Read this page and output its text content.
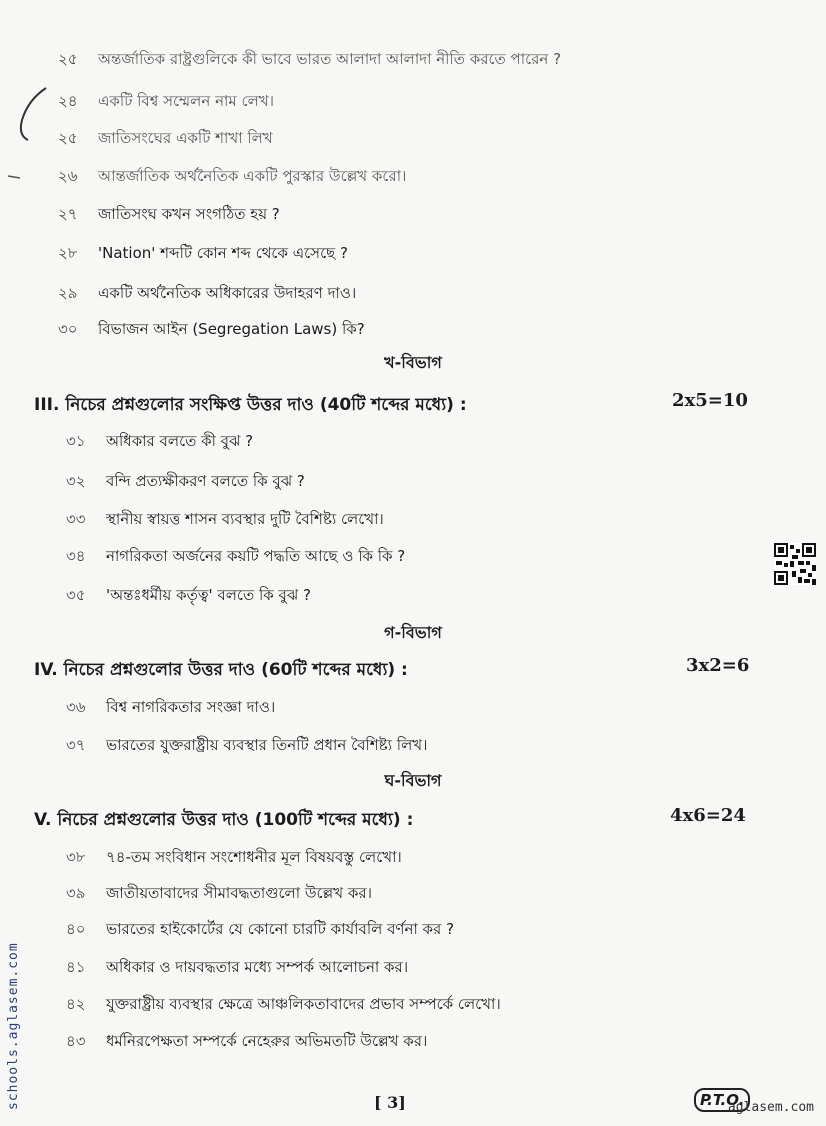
২৫ অন্তর্জাতিক রাষ্ট্রগুলিকে কী ভাবে ভারত আলাদা আলাদা নীতি করতে পারেন ?
২৪ একটি বিশ্ব সম্মেলন নাম লেখ।
২৫ জাতিসংঘের একটি শাখা লিখ
২৬ আন্তর্জাতিক অর্থনৈতিক একটি পুরস্কার উল্লেখ করো।
২৭ জাতিসংঘ কখন সংগঠিত হয় ?
২৮ 'Nation' শব্দটি কোন শব্দ থেকে এসেছে ?
২৯ একটি অর্থনৈতিক অধিকারের উদাহরণ দাও।
৩০ বিভাজন আইন (Segregation Laws) কি?
খ-বিভাগ
III. নিচের প্রশ্নগুলোর সংক্ষিপ্ত উত্তর দাও (40টি শব্দের মধ্যে) :	2x5=10
৩১ অধিকার বলতে কী বুঝ ?
৩২ বন্দি প্রত্যক্ষীকরণ বলতে কি বুঝ ?
৩৩ স্থানীয় স্বায়ত্ত শাসন ব্যবস্থার দুটি বৈশিষ্ট্য লেখো।
৩৪ নাগরিকতা অর্জনের কয়টি পদ্ধতি আছে ও কি কি ?
৩৫ 'অন্তঃধর্মীয় কর্তৃত্ব' বলতে কি বুঝ ?
গ-বিভাগ
IV. নিচের প্রশ্নগুলোর উত্তর দাও (60টি শব্দের মধ্যে) :	3x2=6
৩৬ বিশ্ব নাগরিকতার সংজ্ঞা দাও।
৩৭ ভারতের যুক্তরাষ্ট্রীয় ব্যবস্থার তিনটি প্রধান বৈশিষ্ট্য লিখ।
ঘ-বিভাগ
V. নিচের প্রশ্নগুলোর উত্তর দাও (100টি শব্দের মধ্যে) :	4x6=24
৩৮ ৭৪-তম সংবিধান সংশোধনীর মূল বিষয়বস্তু লেখো।
৩৯ জাতীয়তাবাদের সীমাবদ্ধতাগুলো উল্লেখ কর।
৪০ ভারতের হাইকোর্টের যে কোনো চারটি কার্যাবলি বর্ণনা কর ?
৪১ অধিকার ও দায়বদ্ধতার মধ্যে সম্পর্ক আলোচনা কর।
৪২ যুক্তরাষ্ট্রীয় ব্যবস্থার ক্ষেত্রে আঞ্চলিকতাবাদের প্রভাব সম্পর্কে লেখো।
৪৩ ধর্মনিরপেক্ষতা সম্পর্কে নেহেরুর অভিমতটি উল্লেখ কর।
[ 3]	P.T.O.
aglasem.com
schools.aglasem.com
